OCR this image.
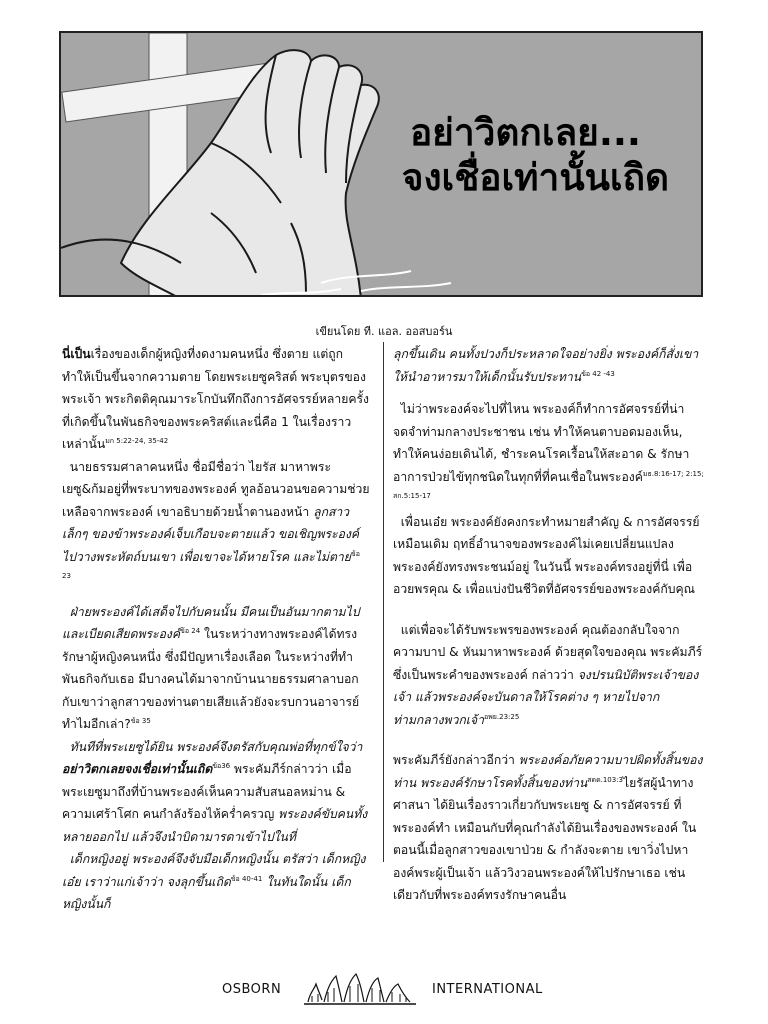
อย่าวิตกเลย...
จงเชื่อเท่านั้นเถิด
เขียนโดย ที. แอล. ออสบอร์น

นี่เป็นเรื่องของเด็กผู้หญิงที่งดงามคนหนึ่ง ซึ่งตาย แต่ถูกทำให้เป็นขึ้นจากความตาย โดยพระเยซูคริสต์ พระบุตรของพระเจ้า พระกิตติคุณมาระโกบันทึกถึงการอัศจรรย์หลายครั้งที่เกิดขึ้นในพันธกิจของพระคริสต์และนี่คือ 1 ในเรื่องราวเหล่านั้น$^{มก 5:22-24, 35-42}$

นายธรรมศาลาคนหนึ่ง ชื่อมีชื่อว่า ไยรัส มาหาพระเยซู&ก้มอยู่ที่พระบาทของพระองค์ ทูลอ้อนวอนขอความช่วยเหลือจากพระองค์ เขาอธิบายด้วยน้ำตานองหน้า ลูกสาวเล็กๆ ของข้าพระองค์เจ็บเกือบจะตายแล้ว ขอเชิญพระองค์ไปวางพระหัตถ์บนเขา เพื่อเขาจะได้หายโรค และไม่ตาย$^{ข้อ 23}$

ฝ่ายพระองค์ได้เสด็จไปกับคนนั้น มีคนเป็นอันมากตามไปและเบียดเสียดพระองค์$^{ข้อ 24}$ ในระหว่างทางพระองค์ได้ทรงรักษาผู้หญิงคนหนึ่ง ซึ่งมีปัญหาเรื่องเลือด ในระหว่างที่ทำพันธกิจกับเธอ มีบางคนได้มาจากบ้านนายธรรมศาลาบอกกับเขาว่าลูกสาวของท่านตายเสียแล้วยังจะรบกวนอาจารย์ทำไมอีกเล่า?$^{ข้อ 35}$

ทันทีที่พระเยซูได้ยิน พระองค์จึงตรัสกับคุณพ่อที่ทุกข์ใจว่า อย่าวิตกเลยจงเชื่อเท่านั้นเถิด$^{ข้อ36}$ พระคัมภีร์กล่าวว่า เมื่อพระเยซูมาถึงที่บ้านพระองค์เห็นความสับสนอลหม่าน & ความเศร้าโศก คนกำลังร้องไห้คร่ำครวญ พระองค์ขับคนทั้งหลายออกไป แล้วจึงนำบิดามารดาเข้าไปในที่

เด็กหญิงอยู่ พระองค์จึงจับมือเด็กหญิงนั้น ตรัสว่า เด็กหญิงเอ๋ย เราว่าแก่เจ้าว่า จงลุกขึ้นเถิด$^{ข้อ 40-41}$ ในทันใดนั้น เด็กหญิงนั้นก็

ลุกขึ้นเดิน คนทั้งปวงก็ประหลาดใจอย่างยิ่ง พระองค์ก็สั่งเขาให้นำอาหารมาให้เด็กนั้นรับประทาน$^{ข้อ 42 -43}$

ไม่ว่าพระองค์จะไปที่ไหน พระองค์ก็ทำการอัศจรรย์ที่น่าจดจำท่ามกลางประชาชน เช่น ทำให้คนตาบอดมองเห็น, ทำให้คนง่อยเดินได้, ชำระคนโรคเรื้อนให้สะอาด & รักษาอาการป่วยไข้ทุกชนิดในทุกที่ที่คนเชื่อในพระองค์$^{มธ.8:16-17; 2:15; สก.5:15-17}$

เพื่อนเอ๋ย พระองค์ยังคงกระทำหมายสำคัญ & การอัศจรรย์เหมือนเดิม ฤทธิ์อำนาจของพระองค์ไม่เคยเปลี่ยนแปลง พระองค์ยังทรงพระชนม์อยู่ ในวันนี้ พระองค์ทรงอยู่ที่นี่ เพื่ออวยพรคุณ & เพื่อแบ่งปันชีวิตที่อัศจรรย์ของพระองค์กับคุณ

แต่เพื่อจะได้รับพระพรของพระองค์ คุณต้องกลับใจจากความบาป & หันมาหาพระองค์ ด้วยสุดใจของคุณ พระคัมภีร์ ซึ่งเป็นพระคำของพระองค์ กล่าวว่า จงปรนนิบัติพระเจ้าของเจ้า แล้วพระองค์จะบันดาลให้โรคต่าง ๆ หายไปจากท่ามกลางพวกเจ้า$^{อพย.23:25}$

พระคัมภีร์ยังกล่าวอีกว่า พระองค์อภัยความบาปผิดทั้งสิ้นของท่าน พระองค์รักษาโรคทั้งสิ้นของท่าน$^{สดด.103:3}$ไยรัสผู้นำทางศาสนา ได้ยินเรื่องราวเกี่ยวกับพระเยซู & การอัศจรรย์ ที่พระองค์ทำ เหมือนกับที่คุณกำลังได้ยินเรื่องของพระองค์ ในตอนนี้เมื่อลูกสาวของเขาป่วย & กำลังจะตาย เขาวิ่งไปหาองค์พระผู้เป็นเจ้า แล้ววิงวอนพระองค์ให้ไปรักษาเธอ เช่นเดียวกับที่พระองค์ทรงรักษาคนอื่น

OSBORN	INTERNATIONAL
